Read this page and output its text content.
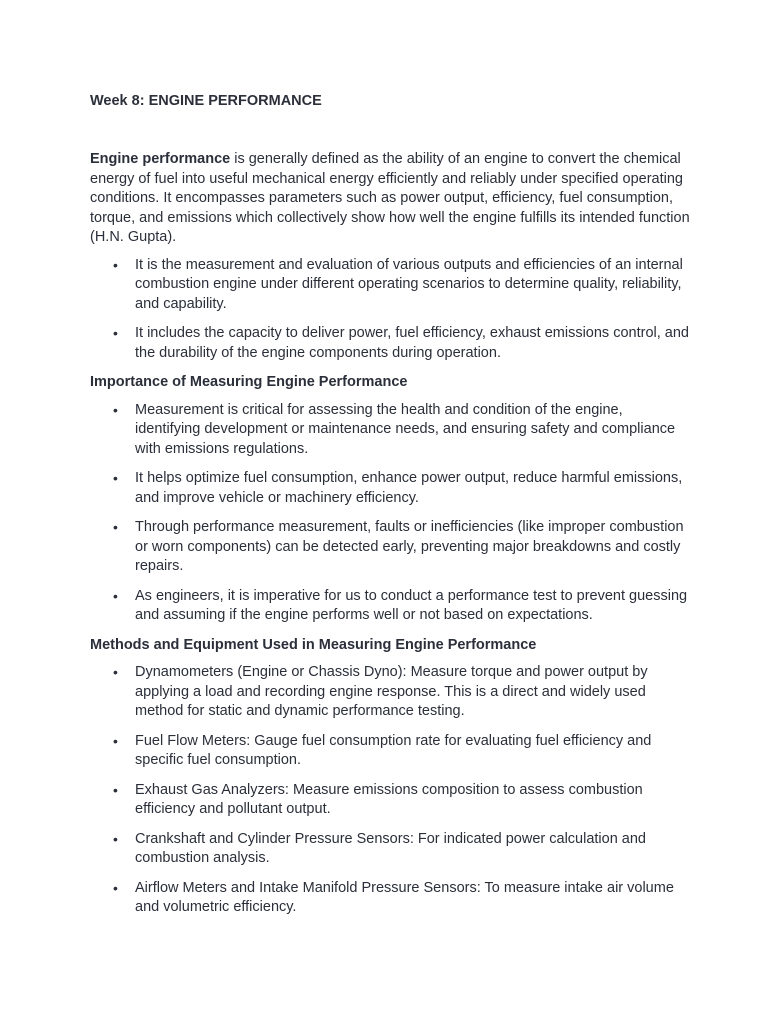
Week 8: ENGINE PERFORMANCE

Engine performance is generally defined as the ability of an engine to convert the chemical energy of fuel into useful mechanical energy efficiently and reliably under specified operating conditions. It encompasses parameters such as power output, efficiency, fuel consumption, torque, and emissions which collectively show how well the engine fulfills its intended function (H.N. Gupta).

• It is the measurement and evaluation of various outputs and efficiencies of an internal combustion engine under different operating scenarios to determine quality, reliability, and capability.
• It includes the capacity to deliver power, fuel efficiency, exhaust emissions control, and the durability of the engine components during operation.
Importance of Measuring Engine Performance
• Measurement is critical for assessing the health and condition of the engine, identifying development or maintenance needs, and ensuring safety and compliance with emissions regulations.
• It helps optimize fuel consumption, enhance power output, reduce harmful emissions, and improve vehicle or machinery efficiency.
• Through performance measurement, faults or inefficiencies (like improper combustion or worn components) can be detected early, preventing major breakdowns and costly repairs.
• As engineers, it is imperative for us to conduct a performance test to prevent guessing and assuming if the engine performs well or not based on expectations.
Methods and Equipment Used in Measuring Engine Performance
• Dynamometers (Engine or Chassis Dyno): Measure torque and power output by applying a load and recording engine response. This is a direct and widely used method for static and dynamic performance testing.
• Fuel Flow Meters: Gauge fuel consumption rate for evaluating fuel efficiency and specific fuel consumption.
• Exhaust Gas Analyzers: Measure emissions composition to assess combustion efficiency and pollutant output.
• Crankshaft and Cylinder Pressure Sensors: For indicated power calculation and combustion analysis.
• Airflow Meters and Intake Manifold Pressure Sensors: To measure intake air volume and volumetric efficiency.
